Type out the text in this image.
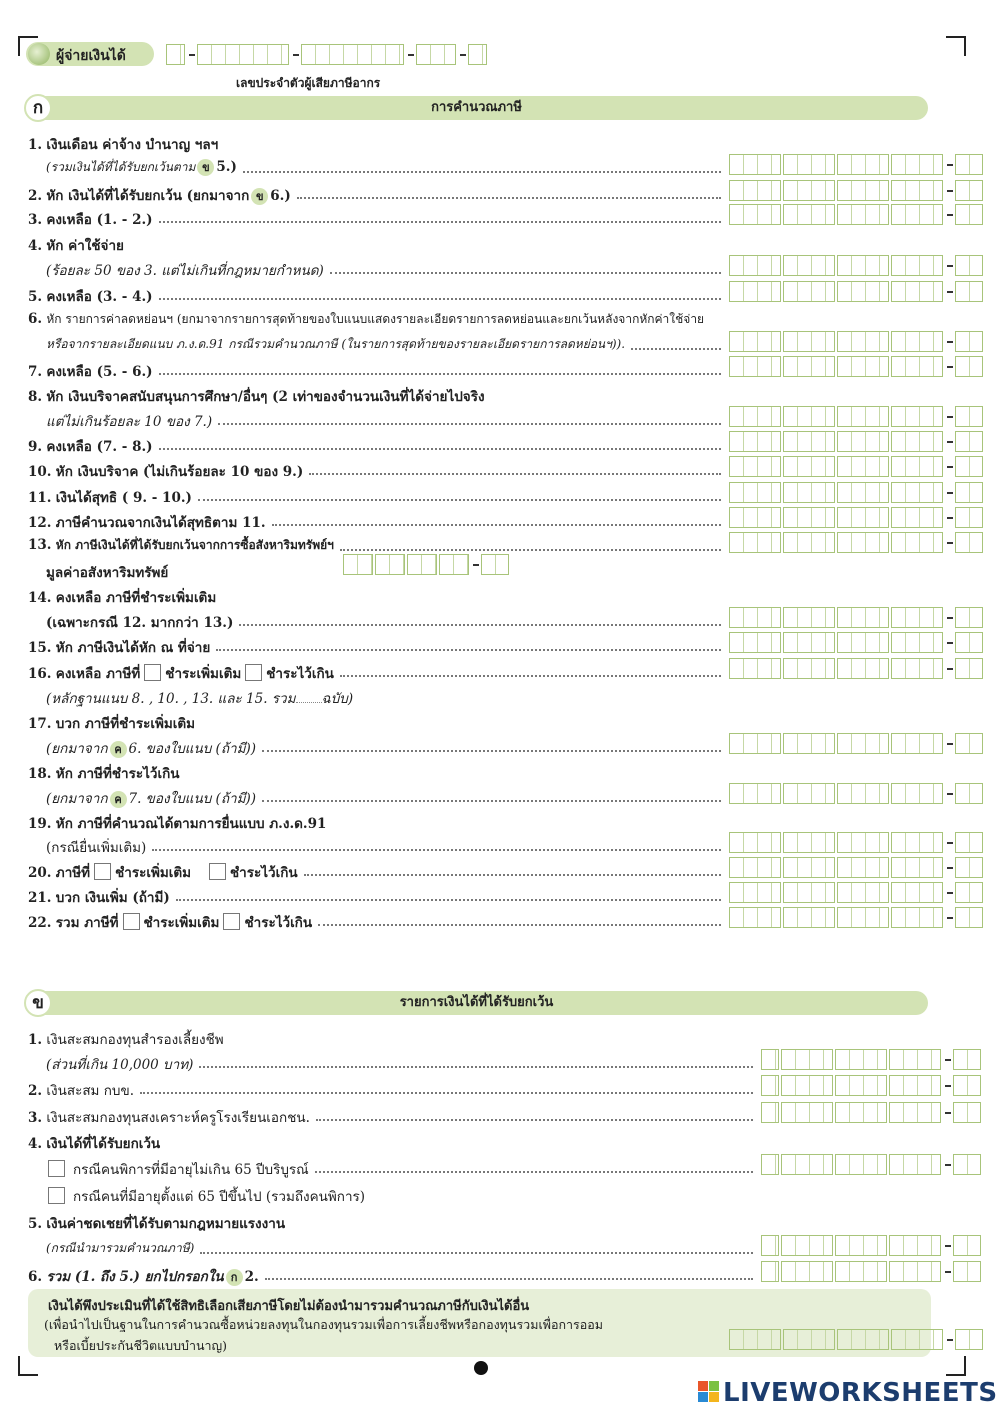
ผู้จ่ายเงินได้
เลขประจำตัวผู้เสียภาษีอากร
การคำนวณภาษี
ก
1. เงินเดือน ค่าจ้าง บำนาญ ฯลฯ
(รวมเงินได้ที่ได้รับยกเว้นตาม ข 5.)
2. หัก เงินได้ที่ได้รับยกเว้น (ยกมาจาก ข 6.)
3. คงเหลือ (1. - 2.)
4. หัก ค่าใช้จ่าย
(ร้อยละ 50 ของ 3. แต่ไม่เกินที่กฎหมายกำหนด)
5. คงเหลือ (3. - 4.)
6. หัก รายการค่าลดหย่อนฯ (ยกมาจากรายการสุดท้ายของใบแนบแสดงรายละเอียดรายการลดหย่อนและยกเว้นหลังจากหักค่าใช้จ่าย
หรือจากรายละเอียดแนบ ภ.ง.ด.91 กรณีรวมคำนวณภาษี (ในรายการสุดท้ายของรายละเอียดรายการลดหย่อนฯ)).
7. คงเหลือ (5. - 6.)
8. หัก เงินบริจาคสนับสนุนการศึกษา/อื่นๆ (2 เท่าของจำนวนเงินที่ได้จ่ายไปจริง
แต่ไม่เกินร้อยละ 10 ของ 7.)
9. คงเหลือ (7. - 8.)
10. หัก เงินบริจาค (ไม่เกินร้อยละ 10 ของ 9.)
11. เงินได้สุทธิ ( 9. - 10.)
12. ภาษีคำนวณจากเงินได้สุทธิตาม 11.
13. หัก ภาษีเงินได้ที่ได้รับยกเว้นจากการซื้อสังหาริมทรัพย์ฯ
มูลค่าอสังหาริมทรัพย์
14. คงเหลือ ภาษีที่ชำระเพิ่มเติม
(เฉพาะกรณี 12. มากกว่า 13.)
15. หัก ภาษีเงินได้หัก ณ ที่จ่าย
16. คงเหลือ ภาษีที่ ชำระเพิ่มเติม ชำระไว้เกิน
(หลักฐานแนบ 8. , 10. , 13. และ 15. รวม ฉบับ)
17. บวก ภาษีที่ชำระเพิ่มเติม
(ยกมาจาก ค 6. ของใบแนบ (ถ้ามี))
18. หัก ภาษีที่ชำระไว้เกิน
(ยกมาจาก ค 7. ของใบแนบ (ถ้ามี))
19. หัก ภาษีที่คำนวณได้ตามการยื่นแบบ ภ.ง.ด.91
(กรณียื่นเพิ่มเติม)
20. ภาษีที่ ชำระเพิ่มเติม	ชำระไว้เกิน
21. บวก เงินเพิ่ม (ถ้ามี)
22. รวม ภาษีที่ ชำระเพิ่มเติม ชำระไว้เกิน
รายการเงินได้ที่ได้รับยกเว้น
ข
1. เงินสะสมกองทุนสำรองเลี้ยงชีพ
(ส่วนที่เกิน 10,000 บาท)
2. เงินสะสม กบข.
3. เงินสะสมกองทุนสงเคราะห์ครูโรงเรียนเอกชน.
4. เงินได้ที่ได้รับยกเว้น
กรณีคนพิการที่มีอายุไม่เกิน 65 ปีบริบูรณ์
กรณีคนที่มีอายุตั้งแต่ 65 ปีขึ้นไป (รวมถึงคนพิการ)
5. เงินค่าชดเชยที่ได้รับตามกฎหมายแรงงาน
(กรณีนำมารวมคำนวณภาษี)
6. รวม (1. ถึง 5.) ยกไปกรอกใน ก 2.
เงินได้พึงประเมินที่ได้ใช้สิทธิเลือกเสียภาษีโดยไม่ต้องนำมารวมคำนวณภาษีกับเงินได้อื่น
(เพื่อนำไปเป็นฐานในการคำนวณซื้อหน่วยลงทุนในกองทุนรวมเพื่อการเลี้ยงชีพหรือกองทุนรวมเพื่อการออม
หรือเบี้ยประกันชีวิตแบบบำนาญ)
LIVEWORKSHEETS
